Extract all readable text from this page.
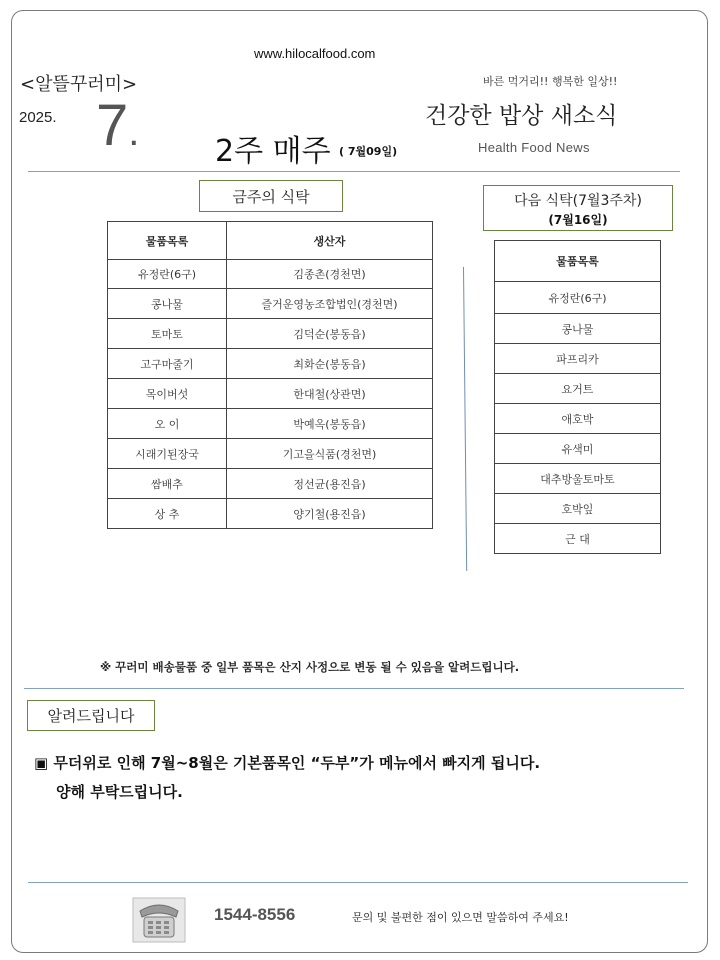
www.hilocalfood.com
<알뜰꾸러미>	바른 먹거리!! 행복한 일상!!
2025. 7.	2주 매주 ( 7월09일)
건강한 밥상 새소식
Health Food News
금주의 식탁
물품목록	생산자
유정란(6구)	김종촌(경천면)
콩나물	즐거운영농조합법인(경천면)
토마토	김덕순(봉동읍)
고구마줄기	최화순(봉동읍)
목이버섯	한대철(상관면)
오 이	박예옥(봉동읍)
시래기된장국	기고을식품(경천면)
쌈배추	정선균(용진읍)
상 추	양기철(용진읍)
다음 식탁(7월3주차)
(7월16일)
물품목록
유정란(6구)
콩나물
파프리카
요거트
애호박
유색미
대추방울토마토
호박잎
근 대
※ 꾸러미 배송물품 중 일부 품목은 산지 사정으로 변동 될 수 있음을 알려드립니다.
알려드립니다
▣ 무더위로 인해 7월~8월은 기본품목인 “두부”가 메뉴에서 빠지게 됩니다.
양해 부탁드립니다.
1544-8556	문의 및 불편한 점이 있으면 말씀하여 주세요!
